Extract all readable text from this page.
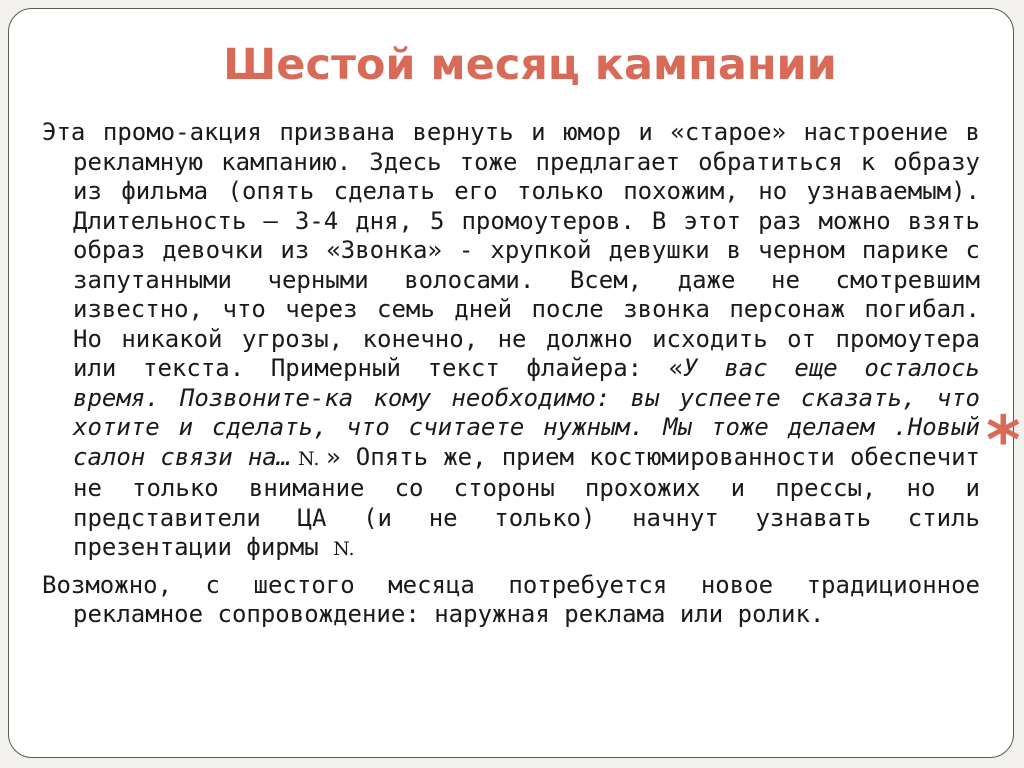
Шестой месяц кампании

Эта промо-акция призвана вернуть и юмор и «старое» настроение в рекламную кампанию. Здесь тоже предлагает обратиться к образу из фильма (опять сделать его только похожим, но узнаваемым). Длительность – 3-4 дня, 5 промоутеров. В этот раз можно взять образ девочки из «Звонка» - хрупкой девушки в черном парике с запутанными черными волосами. Всем, даже не смотревшим известно, что через семь дней после звонка персонаж погибал. Но никакой угрозы, конечно, не должно исходить от промоутера или текста. Примерный текст флайера: «У вас еще осталось время. Позвоните-ка кому необходимо: вы успеете сказать, что хотите и сделать, что считаете нужным. Мы тоже делаем .Новый салон связи на… N. » Опять же, прием костюмированности обеспечит не только внимание со стороны прохожих и прессы, но и представители ЦА (и не только) начнут узнавать стиль презентации фирмы N.

Возможно, с шестого месяца потребуется новое традиционное рекламное сопровождение: наружная реклама или ролик.

*
